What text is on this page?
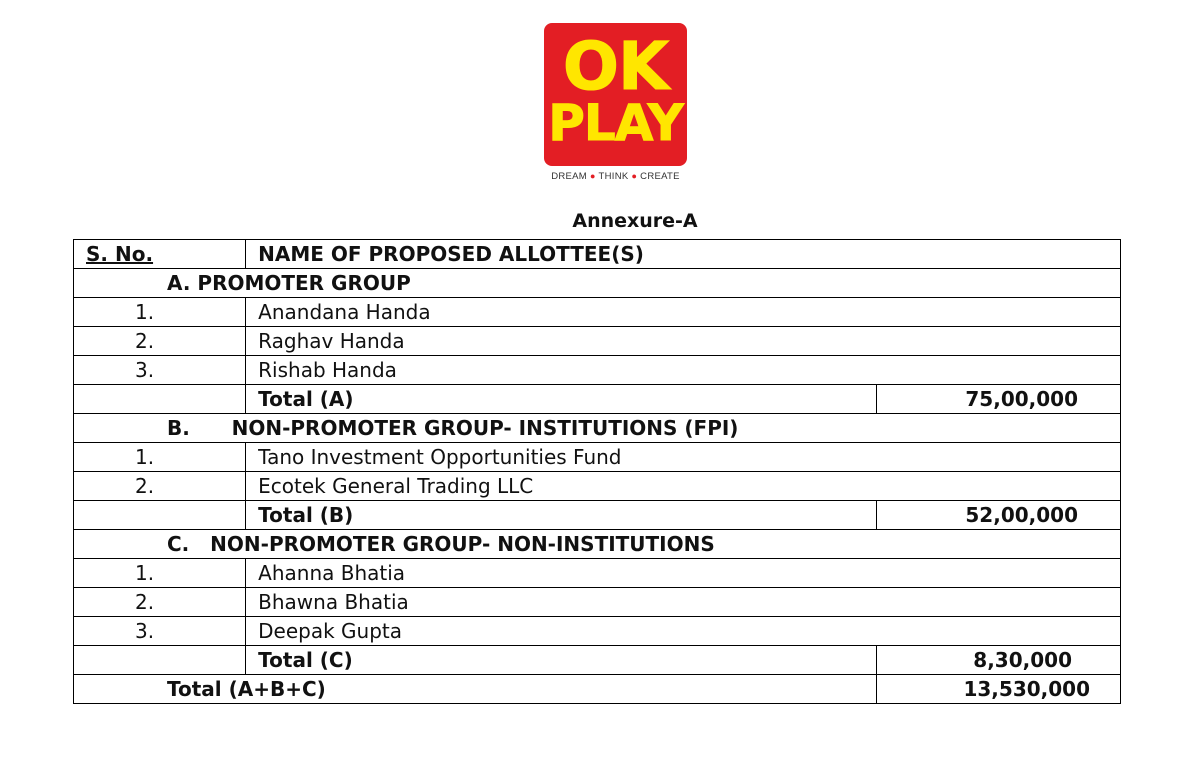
OK
PLAY
DREAM ● THINK ● CREATE
Annexure-A
S. No.	NAME OF PROPOSED ALLOTTEE(S)	
A. PROMOTER GROUP		
1.	Anandana Handa	
2.	Raghav Handa	
3.	Rishab Handa	
	Total (A)	75,00,000
B.      NON-PROMOTER GROUP- INSTITUTIONS (FPI)		
1.	Tano Investment Opportunities Fund	
2.	Ecotek General Trading LLC	
	Total (B)	52,00,000
C.   NON-PROMOTER GROUP- NON-INSTITUTIONS		
1.	Ahanna Bhatia	
2.	Bhawna Bhatia	
3.	Deepak Gupta	
	Total (C)	8,30,000
Total (A+B+C)		13,530,000
